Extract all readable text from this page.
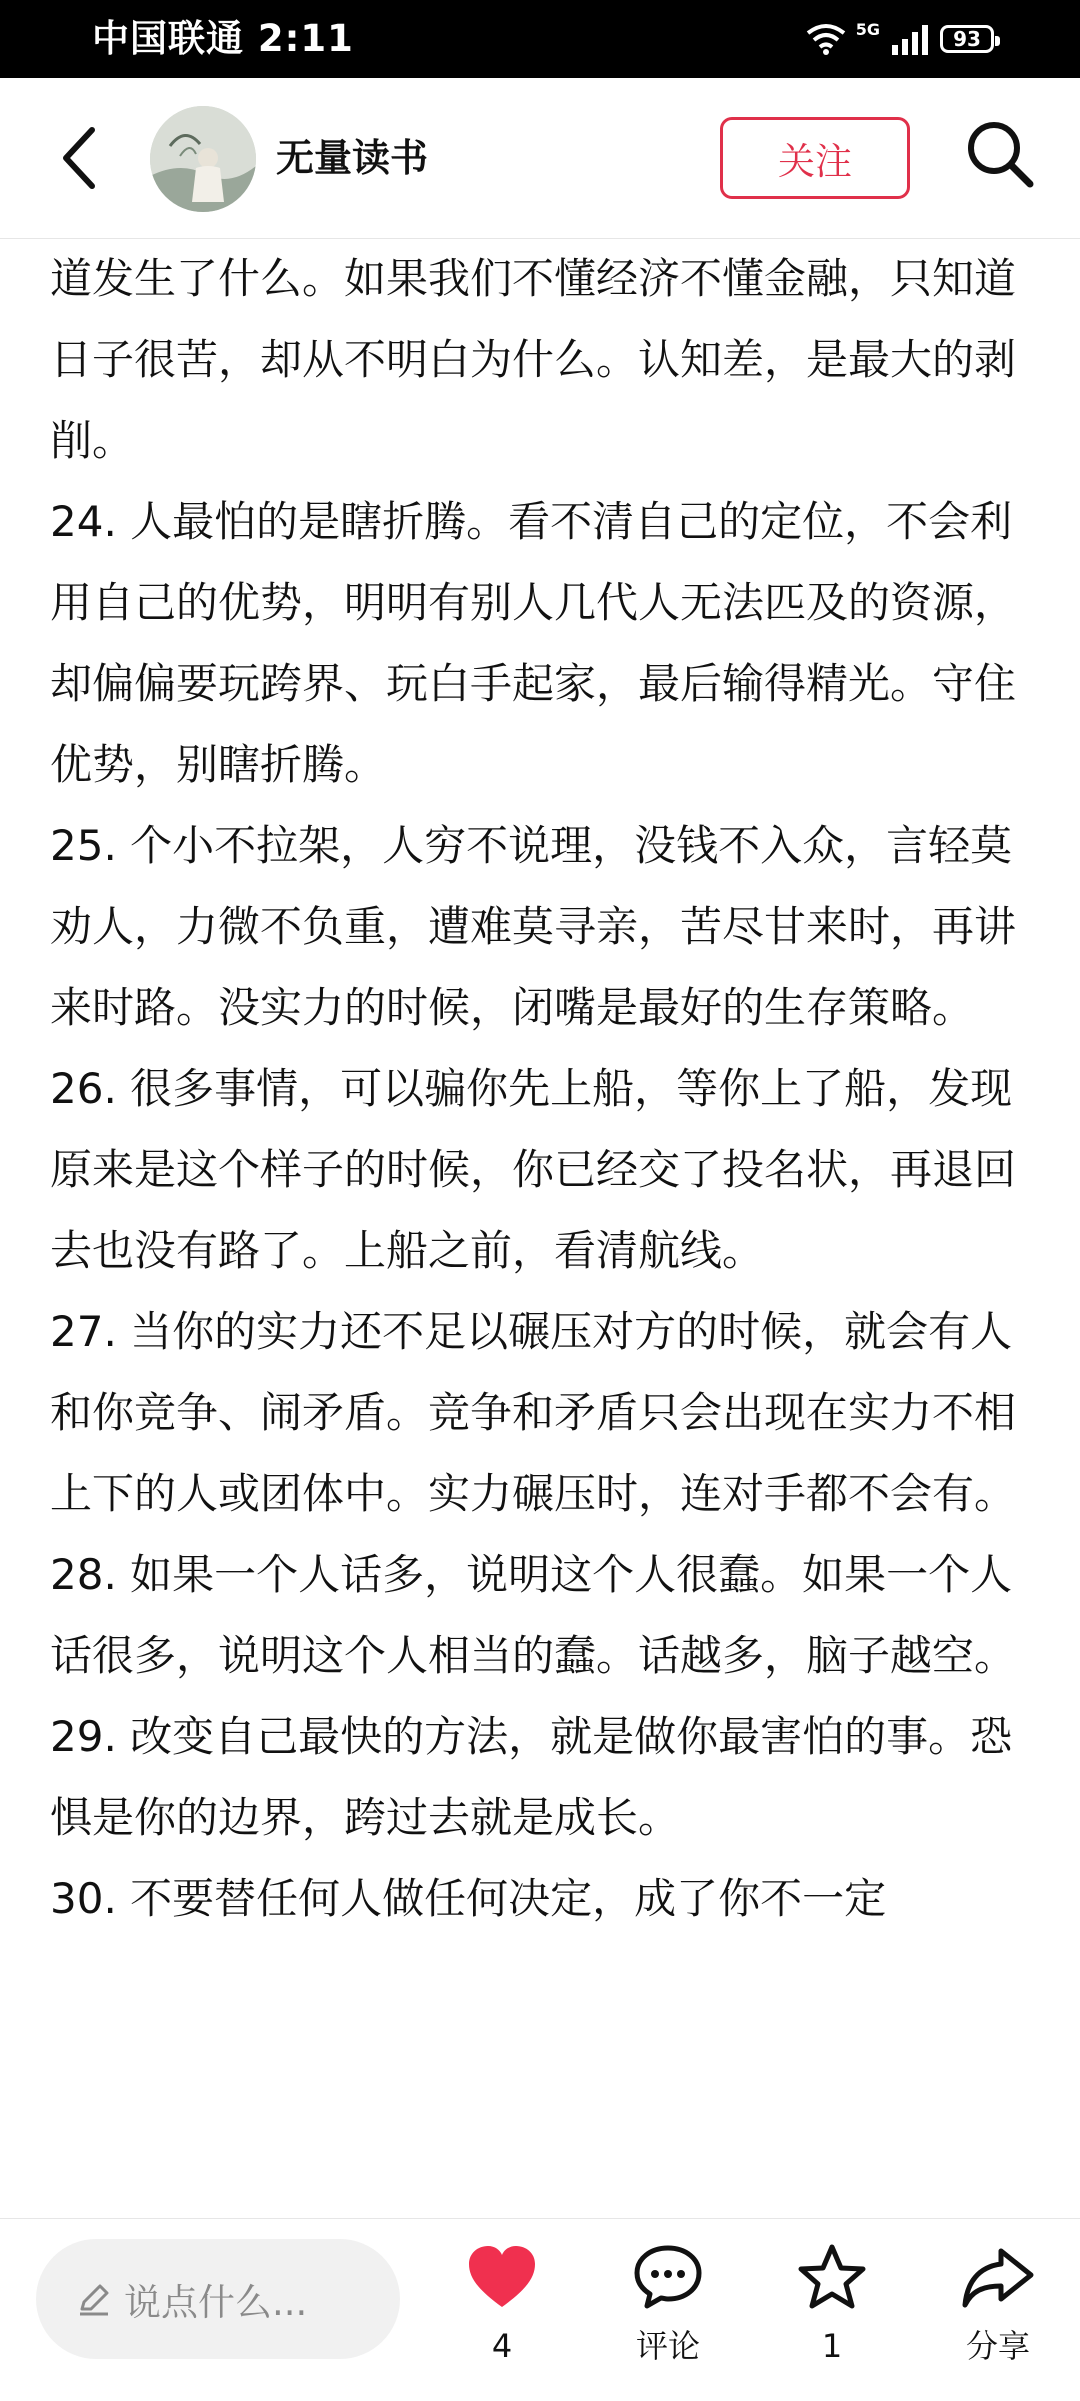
中国联通 2:11	5G	93
无量读书	关注

道发生了什么。如果我们不懂经济不懂金融，只知道日子很苦，却从不明白为什么。认知差，是最大的剥削。

24. 人最怕的是瞎折腾。看不清自己的定位，不会利用自己的优势，明明有别人几代人无法匹及的资源，却偏偏要玩跨界、玩白手起家，最后输得精光。守住优势，别瞎折腾。

25. 个小不拉架，人穷不说理，没钱不入众，言轻莫劝人，力微不负重，遭难莫寻亲，苦尽甘来时，再讲来时路。没实力的时候，闭嘴是最好的生存策略。

26. 很多事情，可以骗你先上船，等你上了船，发现原来是这个样子的时候，你已经交了投名状，再退回去也没有路了。上船之前，看清航线。

27. 当你的实力还不足以碾压对方的时候，就会有人和你竞争、闹矛盾。竞争和矛盾只会出现在实力不相上下的人或团体中。实力碾压时，连对手都不会有。

28. 如果一个人话多，说明这个人很蠢。如果一个人话很多，说明这个人相当的蠢。话越多，脑子越空。

29. 改变自己最快的方法，就是做你最害怕的事。恐惧是你的边界，跨过去就是成长。

30. 不要替任何人做任何决定，成了你不一定

说点什么...
4	评论	1	分享
